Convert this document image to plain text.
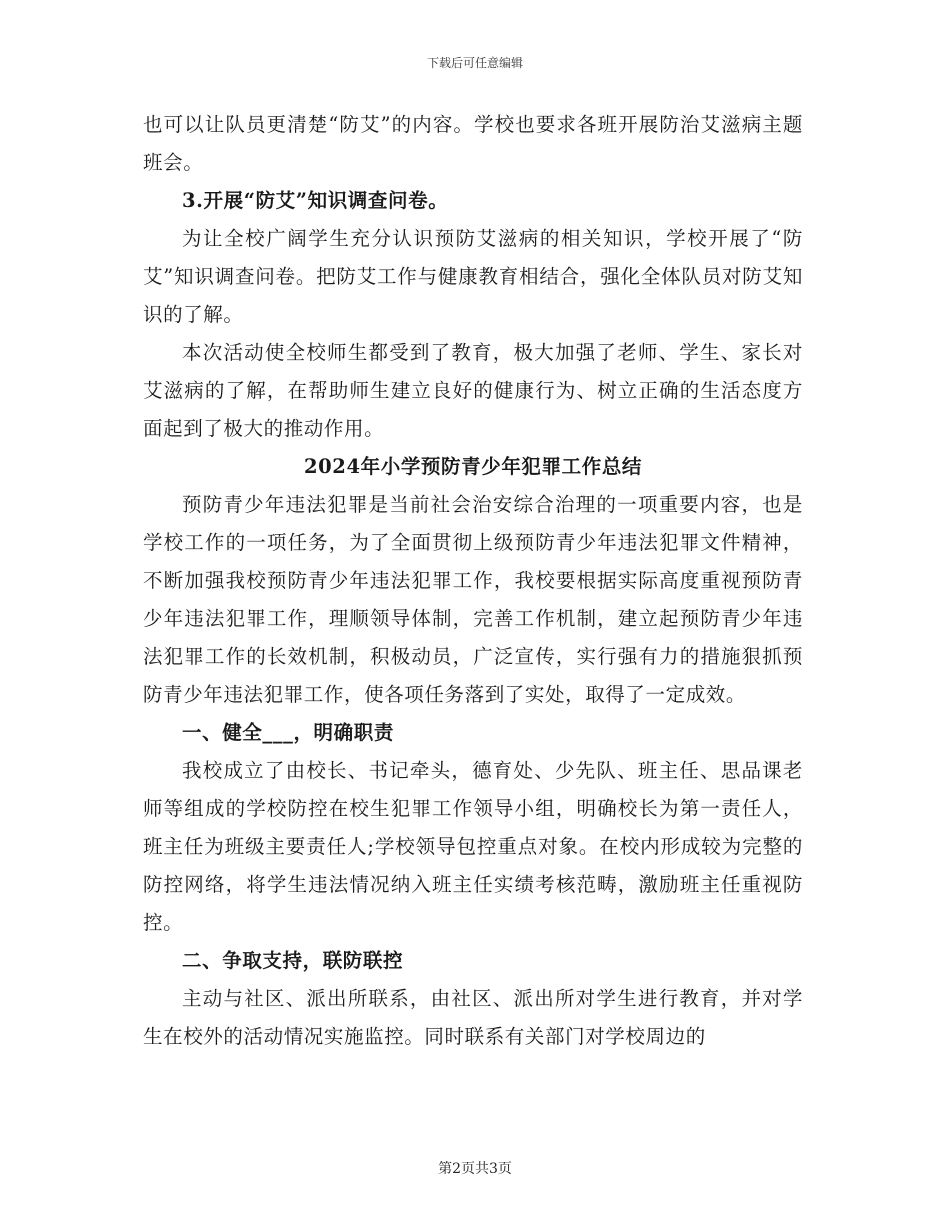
下载后可任意编辑

也可以让队员更清楚“防艾”的内容。学校也要求各班开展防治艾滋病主题班会。

3.开展“防艾”知识调查问卷。

为让全校广阔学生充分认识预防艾滋病的相关知识，学校开展了“防艾”知识调查问卷。把防艾工作与健康教育相结合，强化全体队员对防艾知识的了解。

本次活动使全校师生都受到了教育，极大加强了老师、学生、家长对艾滋病的了解，在帮助师生建立良好的健康行为、树立正确的生活态度方面起到了极大的推动作用。

2024年小学预防青少年犯罪工作总结

预防青少年违法犯罪是当前社会治安综合治理的一项重要内容，也是学校工作的一项任务，为了全面贯彻上级预防青少年违法犯罪文件精神，不断加强我校预防青少年违法犯罪工作，我校要根据实际高度重视预防青少年违法犯罪工作，理顺领导体制，完善工作机制，建立起预防青少年违法犯罪工作的长效机制，积极动员，广泛宣传，实行强有力的措施狠抓预防青少年违法犯罪工作，使各项任务落到了实处，取得了一定成效。

一、健全___，明确职责

我校成立了由校长、书记牵头，德育处、少先队、班主任、思品课老师等组成的学校防控在校生犯罪工作领导小组，明确校长为第一责任人，班主任为班级主要责任人;学校领导包控重点对象。在校内形成较为完整的防控网络，将学生违法情况纳入班主任实绩考核范畴，激励班主任重视防控。

二、争取支持，联防联控

主动与社区、派出所联系，由社区、派出所对学生进行教育，并对学生在校外的活动情况实施监控。同时联系有关部门对学校周边的

第2页共3页
